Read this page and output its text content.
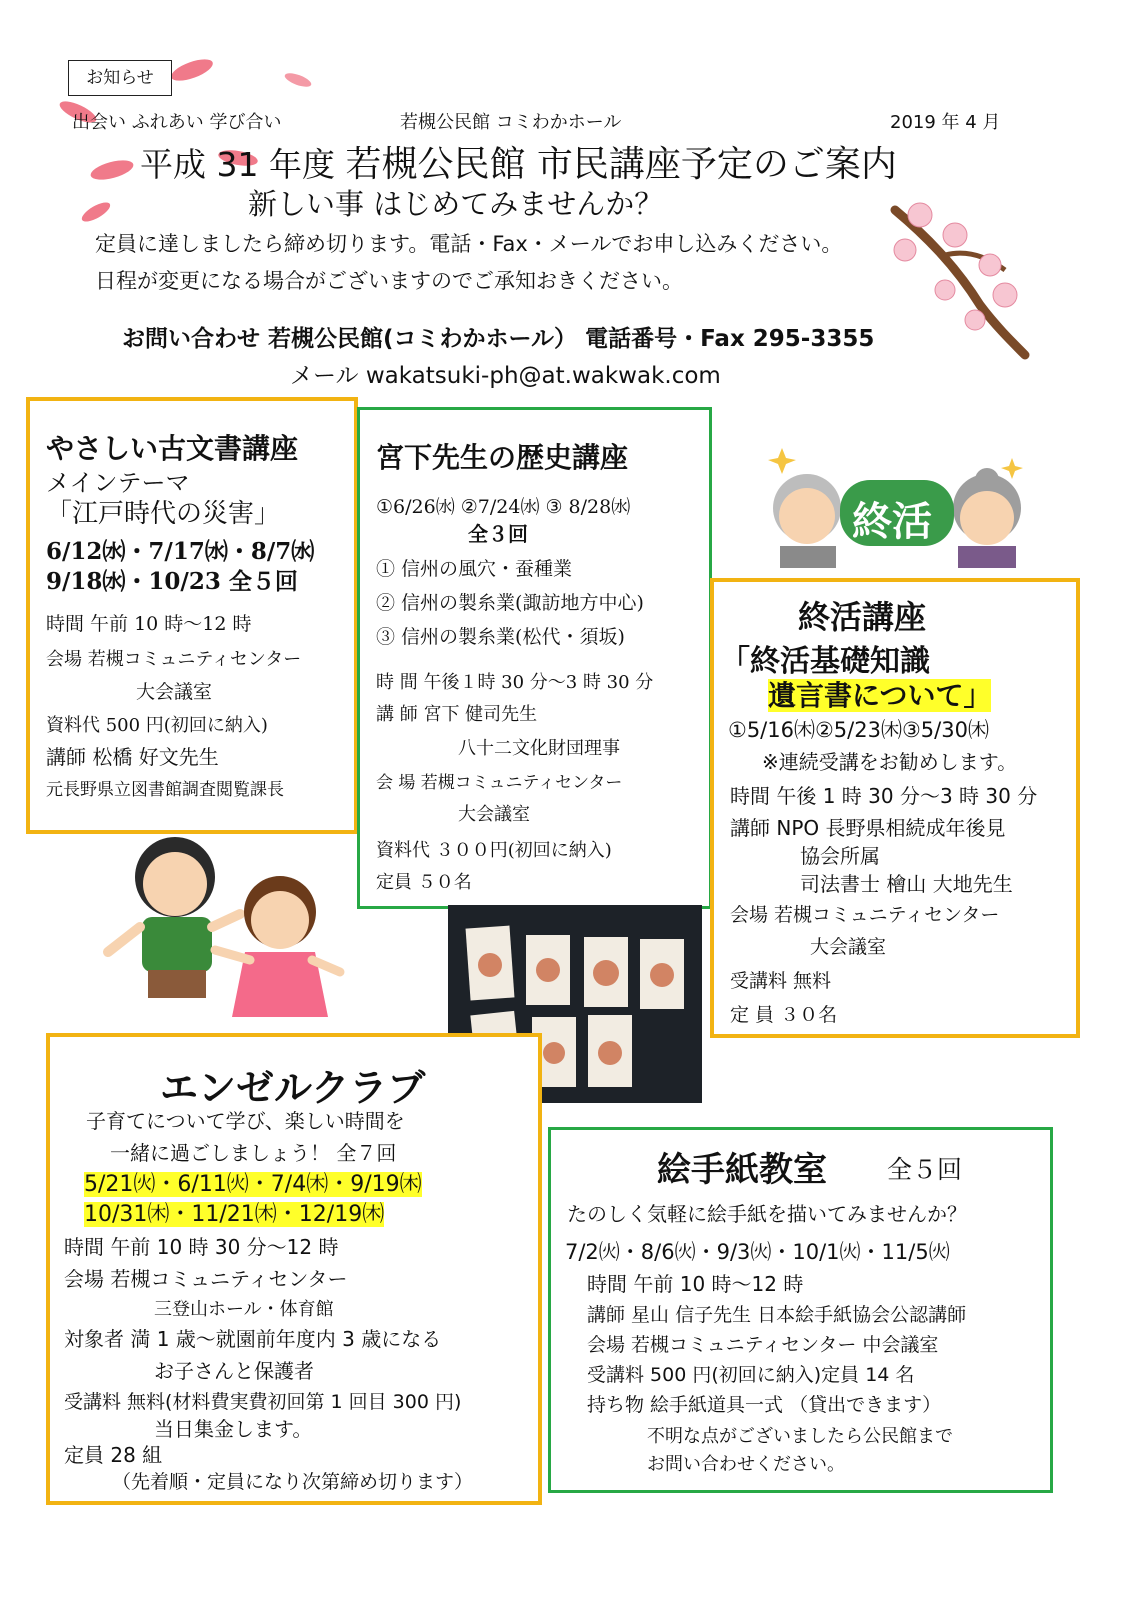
お知らせ
出会い ふれあい 学び合い	若槻公民館 コミわかホール	2019 年 4 月
平成 31 年度 若槻公民館 市民講座予定のご案内
新しい事 はじめてみませんか？
定員に達しましたら締め切ります。電話・Fax・メールでお申し込みください。
日程が変更になる場合がございますのでご承知おきください。
お問い合わせ 若槻公民館(コミわかホール） 電話番号・Fax 295-3355
メール wakatsuki-ph@at.wakwak.com
やさしい古文書講座
メインテーマ
「江戸時代の災害」
6/12㈬・7/17㈬・8/7㈬
9/18㈬・10/23 全５回
時間 午前 10 時～12 時
会場 若槻コミュニティセンター
大会議室
資料代 500 円(初回に納入)
講師 松橋 好文先生
元長野県立図書館調査閲覧課長
宮下先生の歴史講座
①6/26㈬ ②7/24㈬ ③ 8/28㈬
全３回
① 信州の風穴・蚕種業
② 信州の製糸業(諏訪地方中心)
③ 信州の製糸業(松代・須坂)
時 間 午後１時 30 分～3 時 30 分
講 師 宮下 健司先生
八十二文化財団理事
会 場 若槻コミュニティセンター
大会議室
資料代 ３００円(初回に納入)
定員 ５０名
終活
終活講座
「終活基礎知識
遺言書について」
①5/16㈭②5/23㈭③5/30㈭
※連続受講をお勧めします。
時間 午後 1 時 30 分～3 時 30 分
講師 NPO 長野県相続成年後見
協会所属
司法書士 檜山 大地先生
会場 若槻コミュニティセンター
大会議室
受講料 無料
定 員 ３０名
エンゼルクラブ
子育てについて学び、楽しい時間を
一緒に過ごしましょう！ 全７回
5/21㈫・6/11㈫・7/4㈭・9/19㈭
10/31㈭・11/21㈭・12/19㈭
時間 午前 10 時 30 分～12 時
会場 若槻コミュニティセンター
三登山ホール・体育館
対象者 満 1 歳～就園前年度内 3 歳になる
お子さんと保護者
受講料 無料(材料費実費初回第 1 回目 300 円)
当日集金します。
定員 28 組
（先着順・定員になり次第締め切ります）
絵手紙教室 全５回
たのしく気軽に絵手紙を描いてみませんか？
7/2㈫・8/6㈫・9/3㈫・10/1㈫・11/5㈫
時間 午前 10 時～12 時
講師 星山 信子先生 日本絵手紙協会公認講師
会場 若槻コミュニティセンター 中会議室
受講料 500 円(初回に納入)定員 14 名
持ち物 絵手紙道具一式 （貸出できます）
不明な点がございましたら公民館まで
お問い合わせください。
